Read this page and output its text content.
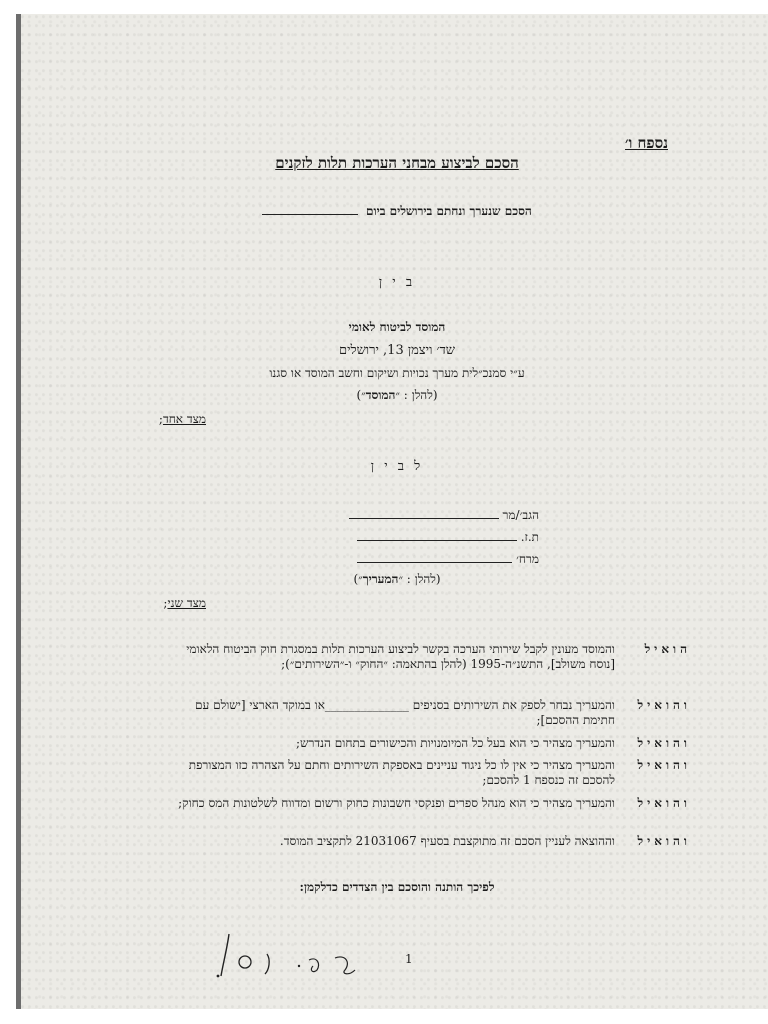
נספח ו׳
הסכם לביצוע מבחני הערכות תלות לזקנים
הסכם שנערך ונחתם בירושלים ביום
ב י ן
המוסד לביטוח לאומי
שד׳ ויצמן 13, ירושלים
ע״י סמנכ״לית מערך נכויות ושיקום וחשב המוסד או סגנו
(להלן : ״המוסד״)
מצד אחד;
ל ב י ן
הגב׳/מר
ת.ז.
מרח׳
(להלן : ״המעריך״)
מצד שני;
הואיל
והמוסד מעונין לקבל שירותי הערכה בקשר לביצוע הערכות תלות במסגרת חוק הביטוח הלאומי [נוסח משולב], התשנ״ה-1995 (להלן בהתאמה: ״החוק״ ו-״השירותים״);
והואיל
והמעריך נבחר לספק את השירותים בסניפים ______________או במוקד הארצי [ישולם עם חתימת ההסכם];
והואיל
והמעריך מצהיר כי הוא בעל כל המיומנויות והכישורים בתחום הנדרש;
והואיל
והמעריך מצהיר כי אין לו כל ניגוד עניינים באספקת השירותים וחתם על הצהרה כזו המצורפת להסכם זה כנספח 1 להסכם;
והואיל
והמעריך מצהיר כי הוא מנהל ספרים ופנקסי חשבונות כחוק ורשום ומדווח לשלטונות המס כחוק;
והואיל
וההוצאה לעניין הסכם זה מתוקצבת בסעיף 21031067 לתקציב המוסד.
לפיכך הותנה והוסכם בין הצדדים כדלקמן:
1
